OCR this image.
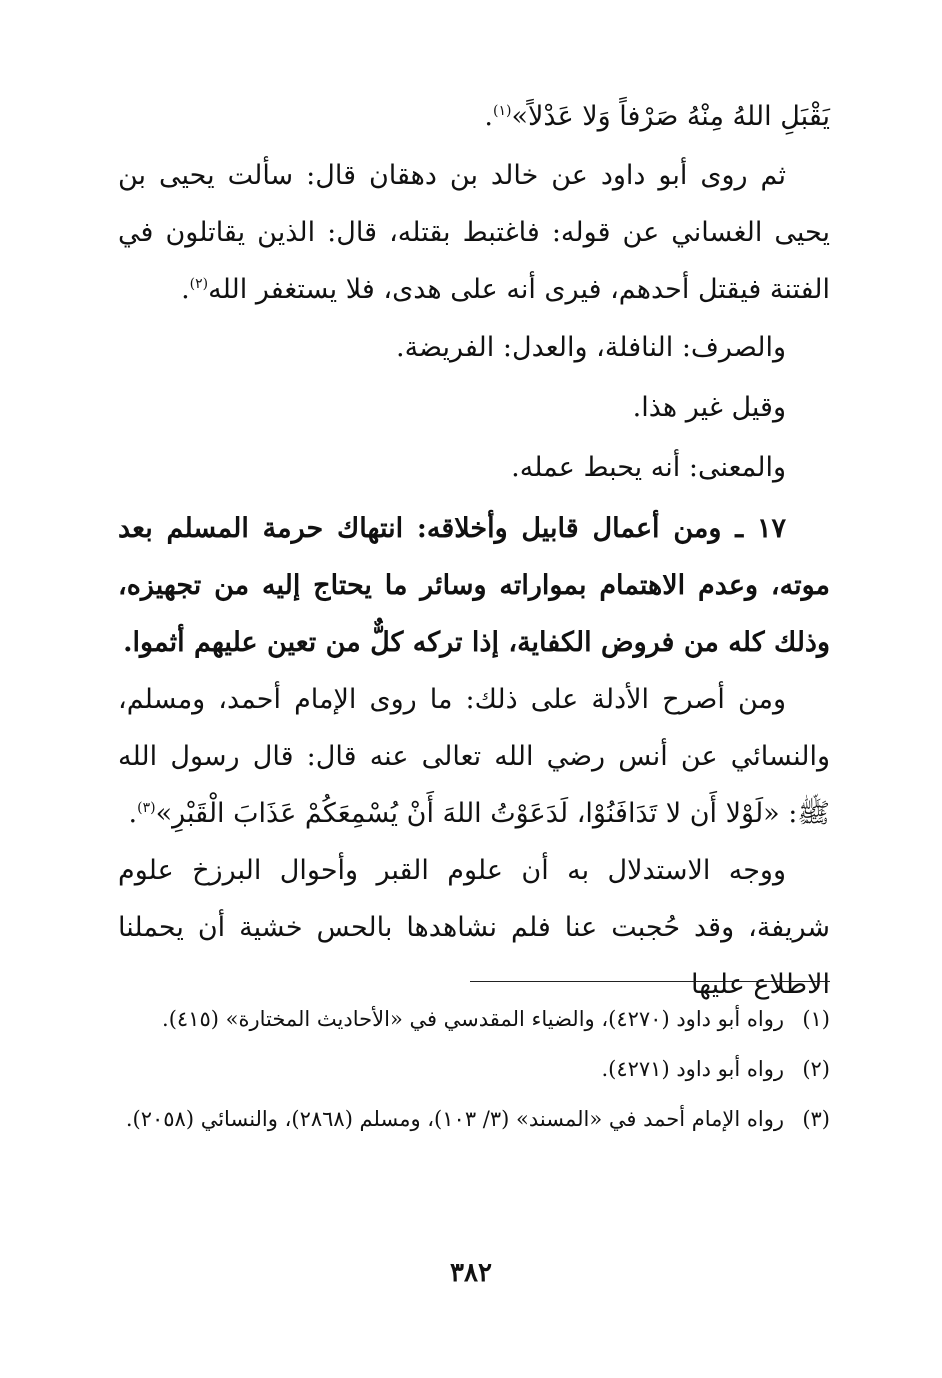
يَقْبَلِ اللهُ مِنْهُ صَرْفاً وَلا عَدْلاً»$^{(١)}$.

ثم روى أبو داود عن خالد بن دهقان قال: سألت يحيى بن يحيى الغساني عن قوله: فاغتبط بقتله، قال: الذين يقاتلون في الفتنة فيقتل أحدهم، فيرى أنه على هدى، فلا يستغفر الله$^{(٢)}$.

والصرف: النافلة، والعدل: الفريضة.

وقيل غير هذا.

والمعنى: أنه يحبط عمله.

١٧ ـ ومن أعمال قابيل وأخلاقه: انتهاك حرمة المسلم بعد موته، وعدم الاهتمام بمواراته وسائر ما يحتاج إليه من تجهيزه، وذلك كله من فروض الكفاية، إذا تركه كلٌّ من تعين عليهم أثموا.

ومن أصرح الأدلة على ذلك: ما روى الإمام أحمد، ومسلم، والنسائي عن أنس رضي الله تعالى عنه قال: قال رسول الله ﷺ: «لَوْلا أَن لا تَدَافَنُوْا، لَدَعَوْتُ اللهَ أَنْ يُسْمِعَكُمْ عَذَابَ الْقَبْرِ»$^{(٣)}$.

ووجه الاستدلال به أن علوم القبر وأحوال البرزخ علوم شريفة، وقد حُجبت عنا فلم نشاهدها بالحس خشية أن يحملنا الاطلاع عليها

(١)
رواه أبو داود (٤٢٧٠)، والضياء المقدسي في «الأحاديث المختارة» (٤١٥).
(٢)
رواه أبو داود (٤٢٧١).
(٣)
رواه الإمام أحمد في «المسند» (٣/ ١٠٣)، ومسلم (٢٨٦٨)، والنسائي (٢٠٥٨).
٣٨٢
